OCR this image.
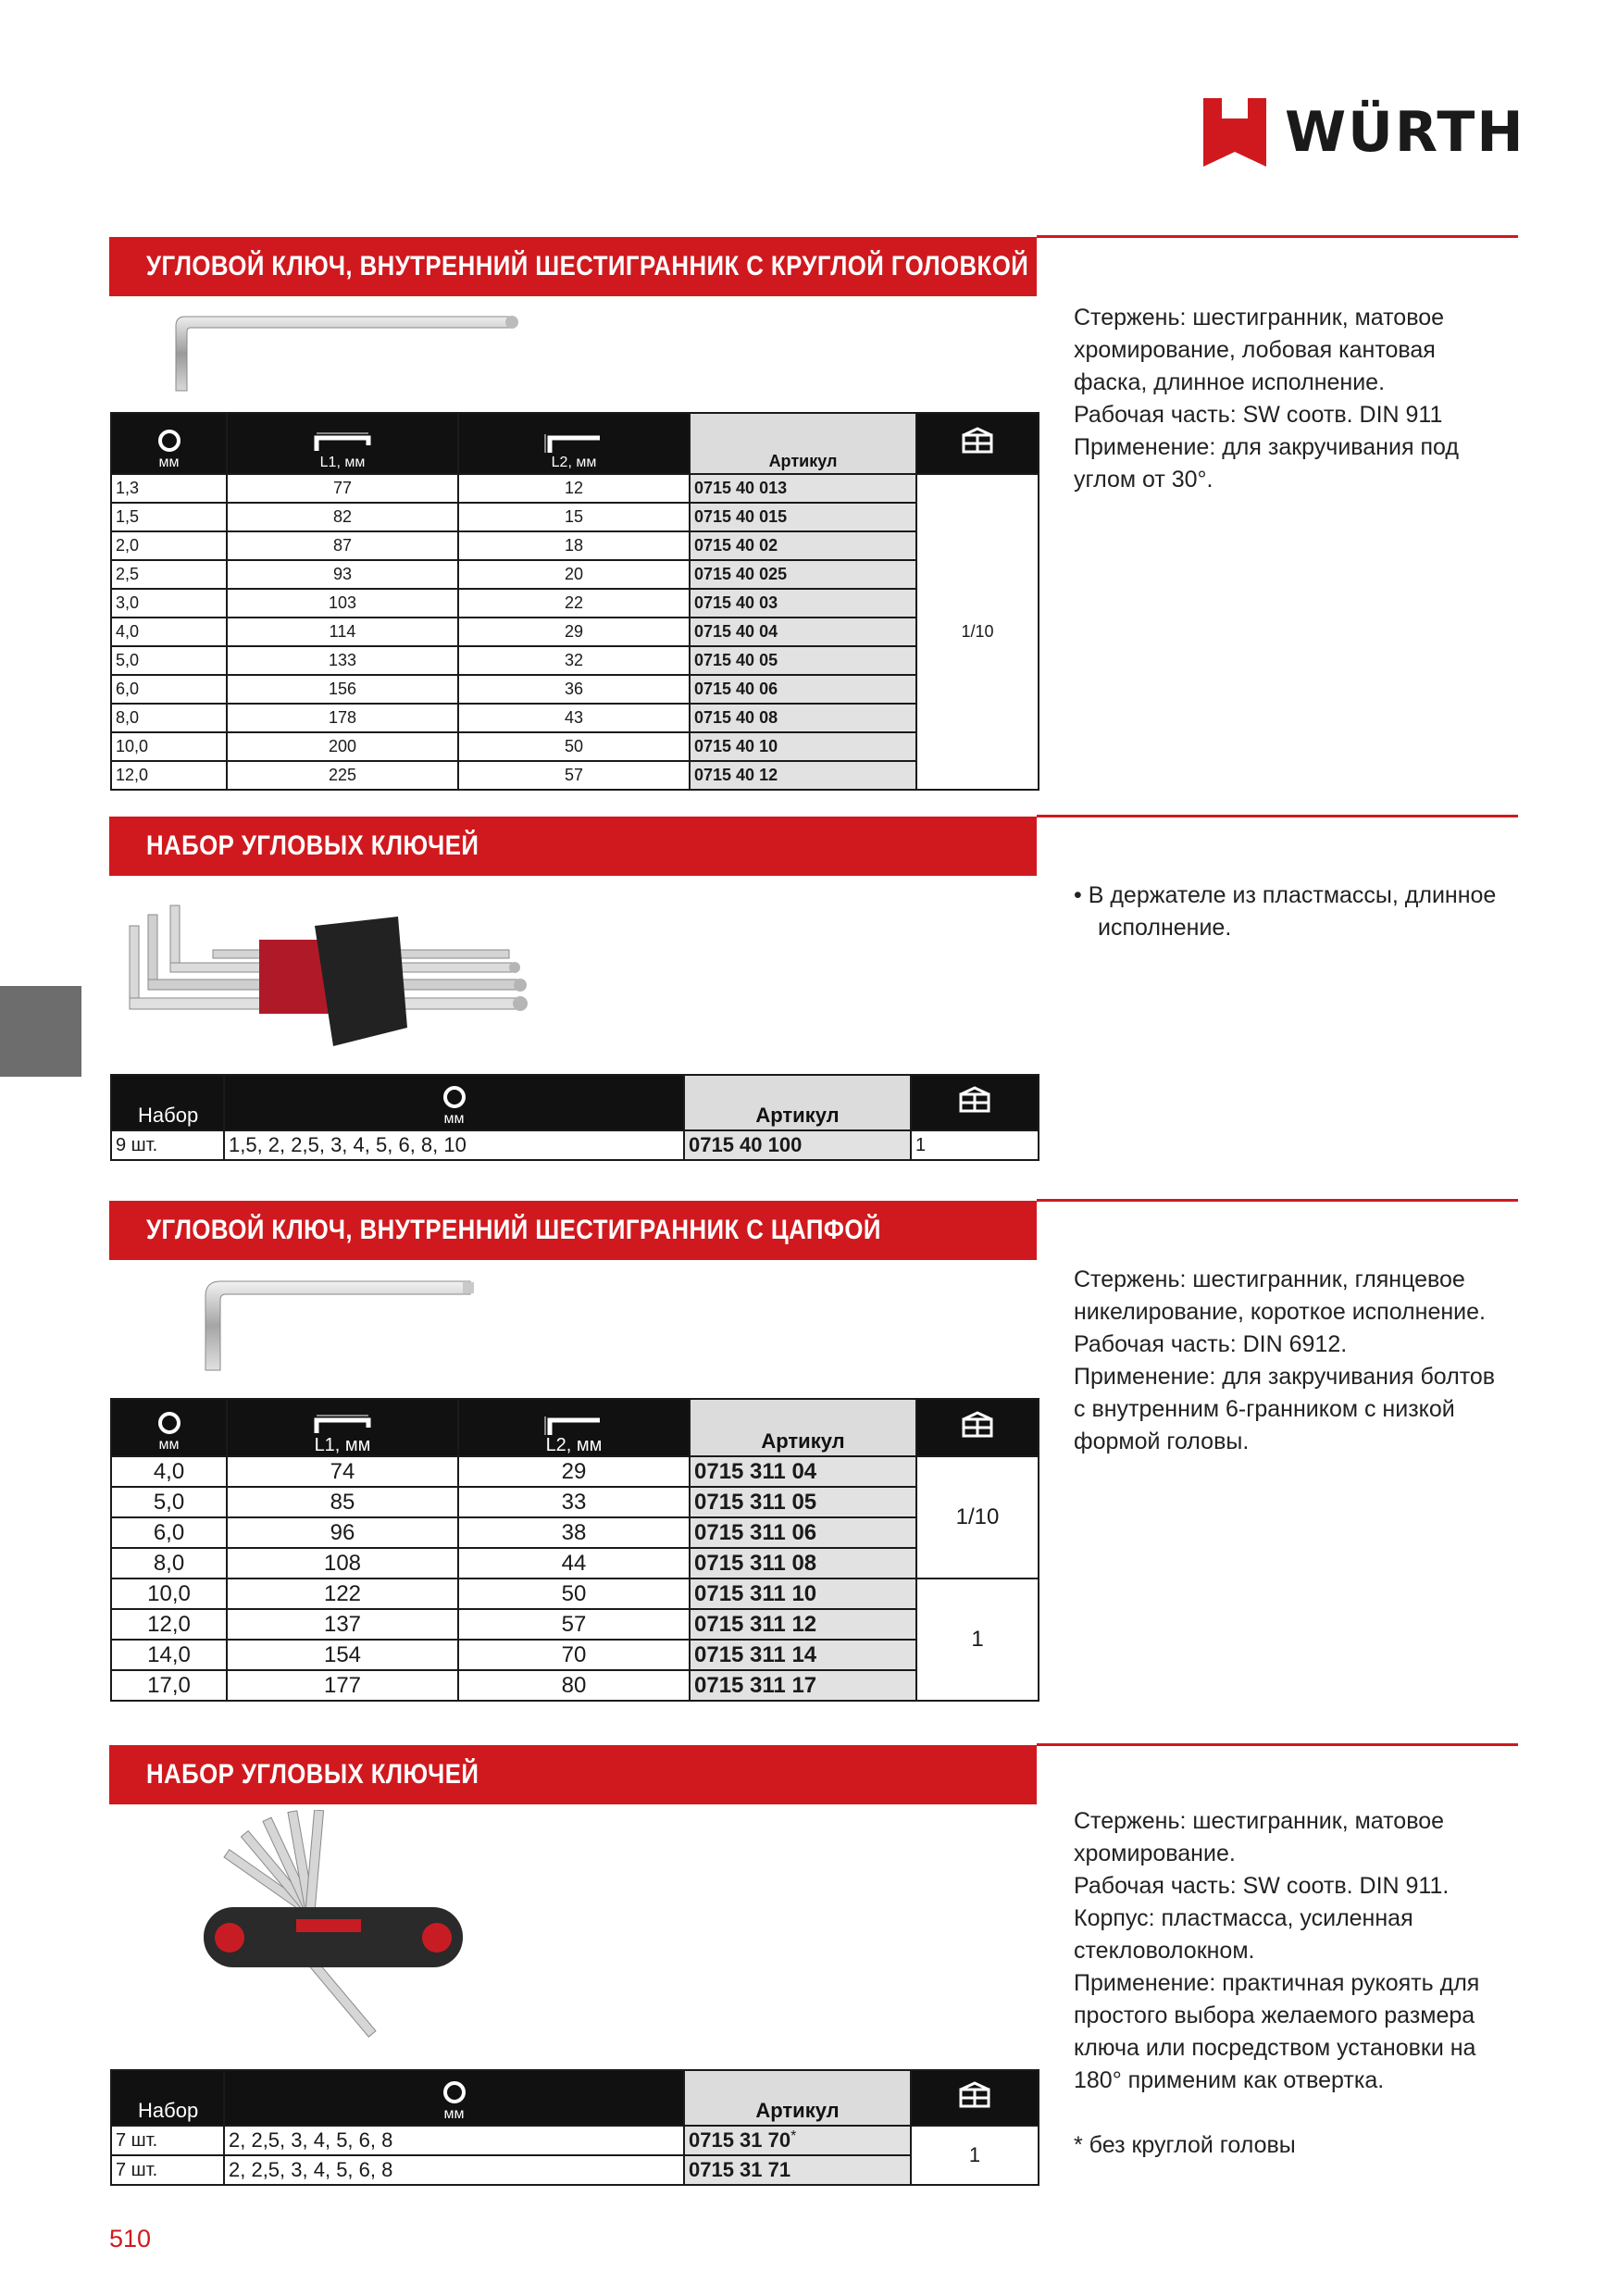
WÜRTH
УГЛОВОЙ КЛЮЧ, ВНУТРЕННИЙ ШЕСТИГРАННИК С КРУГЛОЙ ГОЛОВКОЙ

Стержень: шестигранник, матовое

хромирование, лобовая кантовая

фаска, длинное исполнение.

Рабочая часть: SW соотв. DIN 911

Применение: для закручивания под

углом от 30°.

мм	L1, мм	L2, мм	Артикул	
1,3	77	12	0715 40 013	1/10
1,5	82	15	0715 40 015	
2,0	87	18	0715 40 02	
2,5	93	20	0715 40 025	
3,0	103	22	0715 40 03	
4,0	114	29	0715 40 04	
5,0	133	32	0715 40 05	
6,0	156	36	0715 40 06	
8,0	178	43	0715 40 08	
10,0	200	50	0715 40 10	
12,0	225	57	0715 40 12	
НАБОР УГЛОВЫХ КЛЮЧЕЙ

• В держателе из пластмассы, длинное

исполнение.

Набор	мм	Артикул	
9 шт.	1,5, 2, 2,5, 3, 4, 5, 6, 8, 10	0715 40 100	1
УГЛОВОЙ КЛЮЧ, ВНУТРЕННИЙ ШЕСТИГРАННИК С ЦАПФОЙ

Стержень: шестигранник, глянцевое

никелирование, короткое исполнение.

Рабочая часть: DIN 6912.

Применение: для закручивания болтов

с внутренним 6-гранником с низкой

формой головы.

мм	L1, мм	L2, мм	Артикул	
4,0	74	29	0715 311 04	1/10
5,0	85	33	0715 311 05	
6,0	96	38	0715 311 06	
8,0	108	44	0715 311 08	
10,0	122	50	0715 311 10	1
12,0	137	57	0715 311 12	
14,0	154	70	0715 311 14	
17,0	177	80	0715 311 17	
НАБОР УГЛОВЫХ КЛЮЧЕЙ

Стержень: шестигранник, матовое

хромирование.

Рабочая часть: SW соотв. DIN 911.

Корпус: пластмасса, усиленная

стекловолокном.

Применение: практичная рукоять для

простого выбора желаемого размера

ключа или посредством установки на

180° применим как отвертка.

* без круглой головы

Набор	мм	Артикул	
7 шт.	2, 2,5, 3, 4, 5, 6, 8	0715 31 70*	1
7 шт.	2, 2,5, 3, 4, 5, 6, 8	0715 31 71	
510
